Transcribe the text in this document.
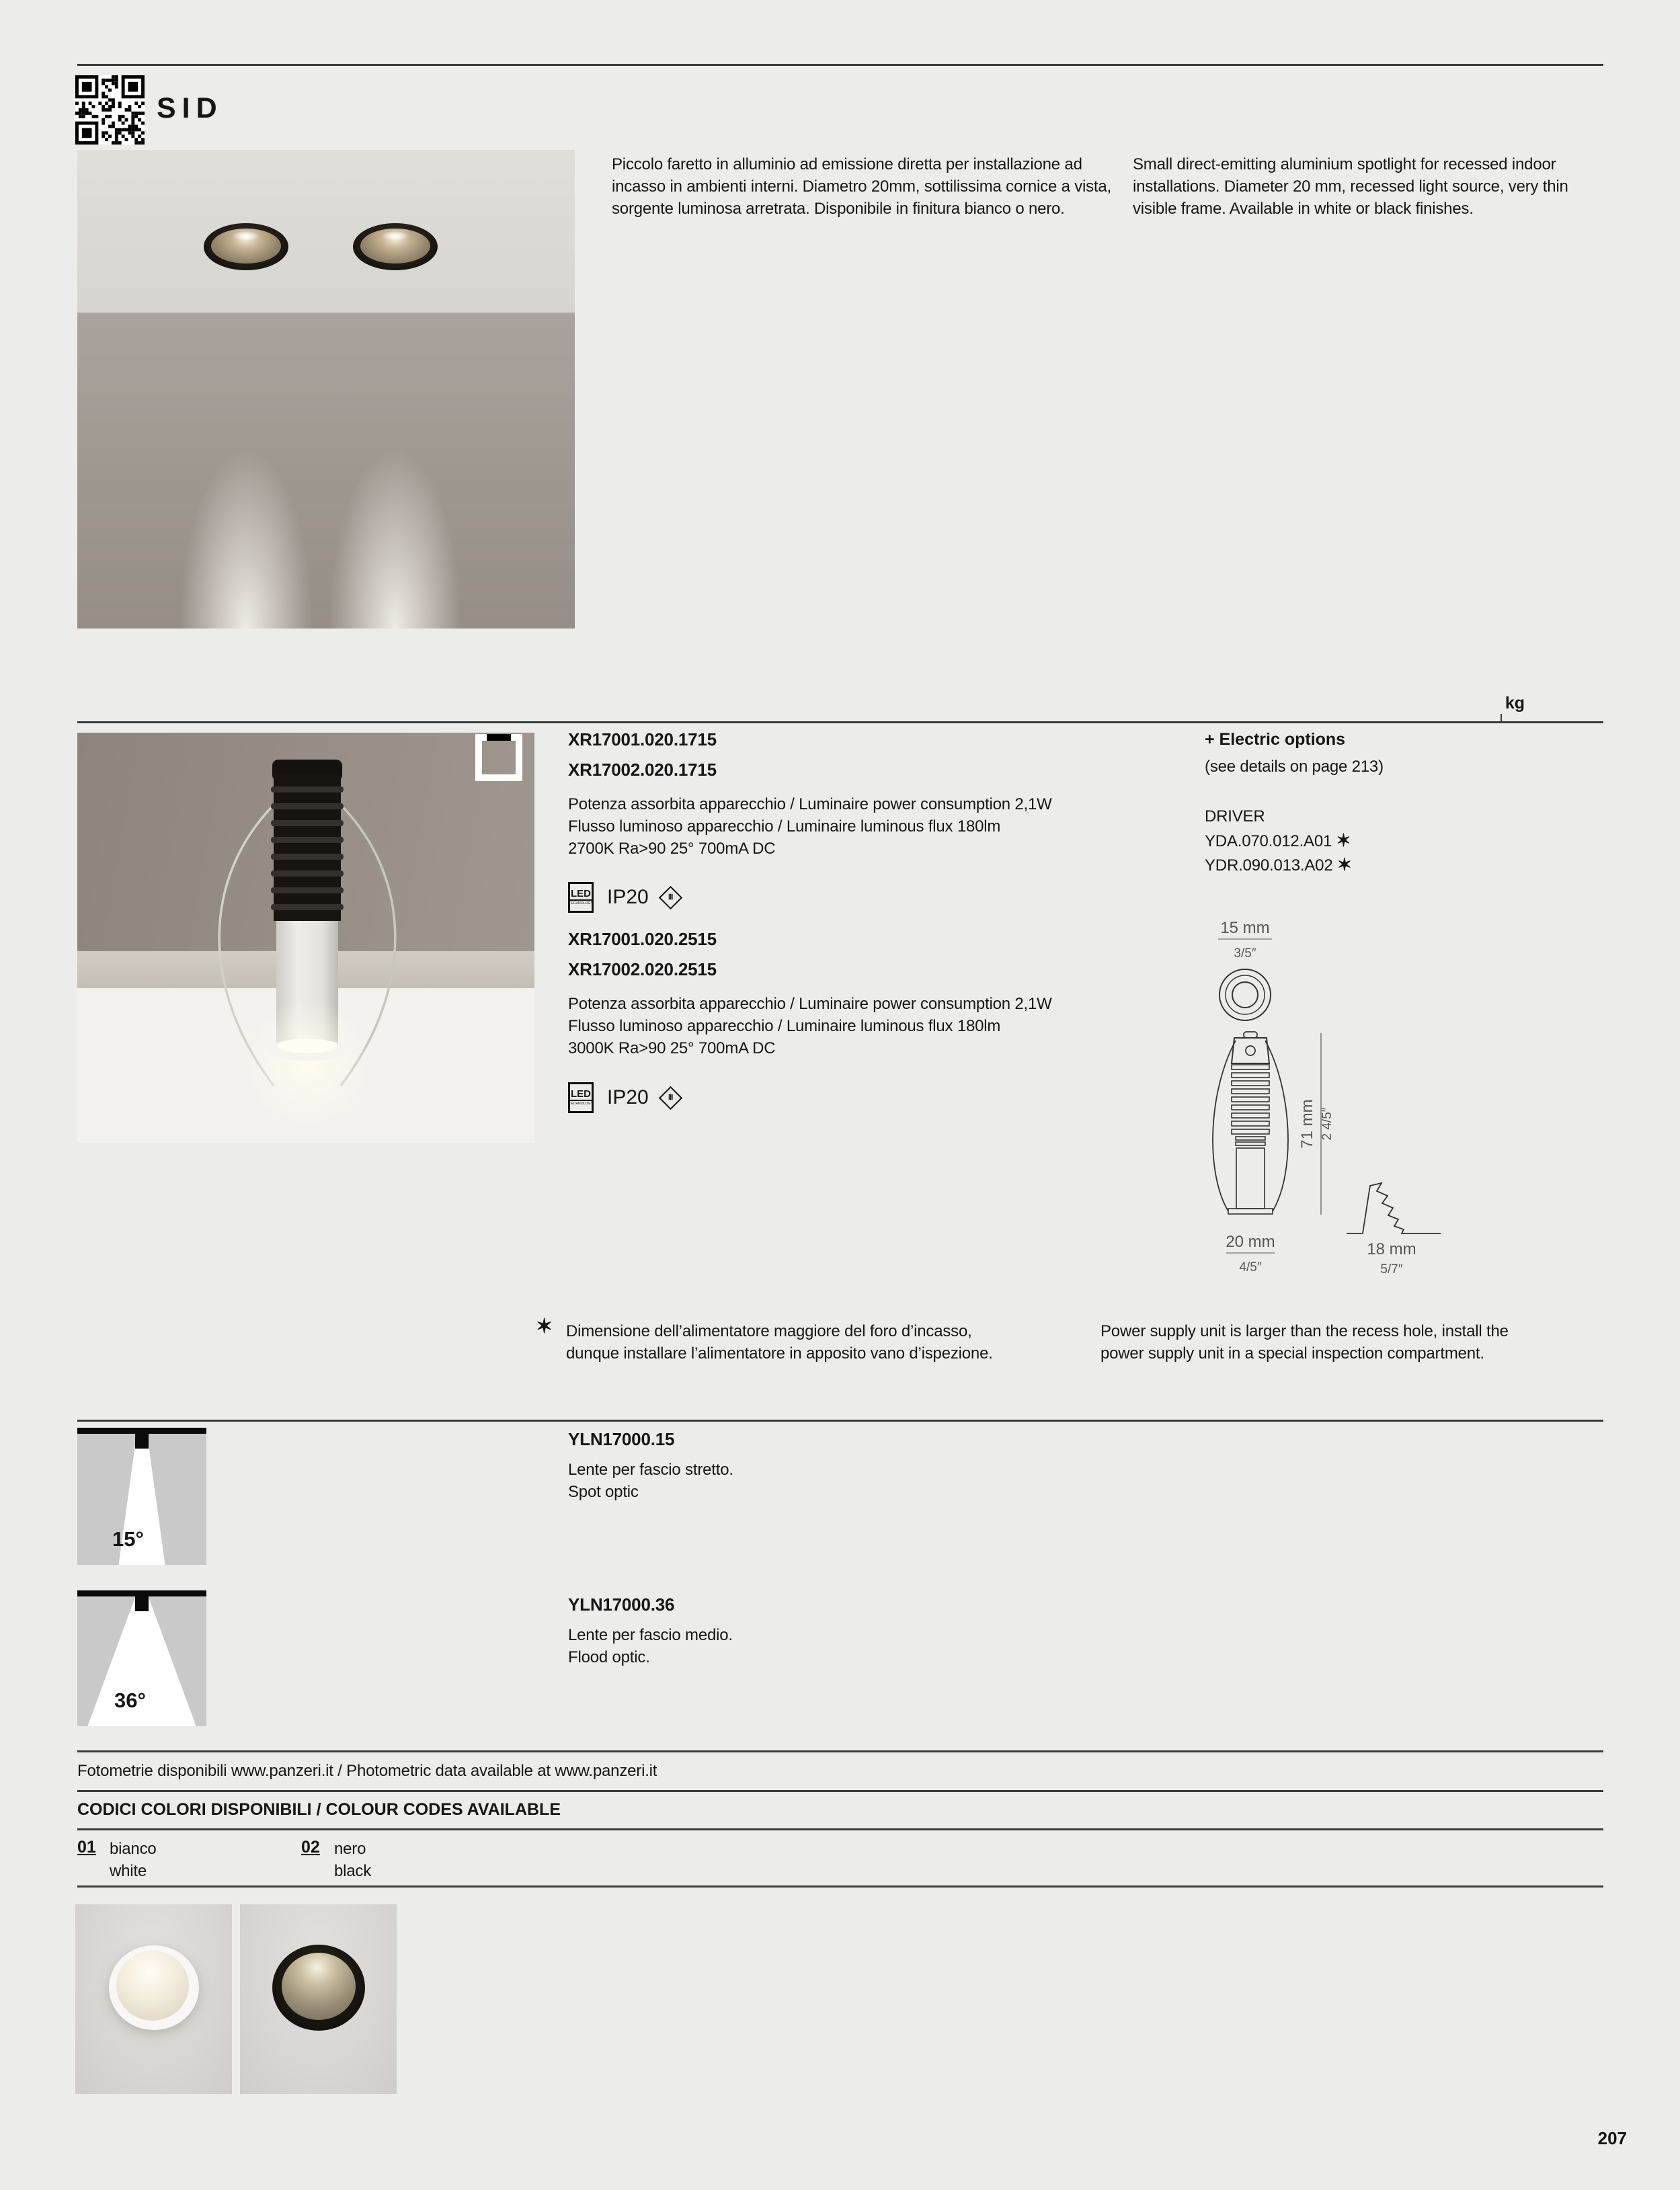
SID
Piccolo faretto in alluminio ad emissione diretta per installazione ad incasso in ambienti interni. Diametro 20mm, sottilissima cornice a vista, sorgente luminosa arretrata. Disponibile in finitura bianco o nero.
Small direct-emitting aluminium spotlight for recessed indoor installations. Diameter 20 mm, recessed light source, very thin visible frame. Available in white or black finishes.
kg
XR17001.020.1715
XR17002.020.1715
Potenza assorbita apparecchio / Luminaire power consumption 2,1W
Flusso luminoso apparecchio / Luminaire luminous flux 180lm
2700K Ra>90 25° 700mA DC
LED
TECHNOLOGY IP20	Ⅲ
XR17001.020.2515
XR17002.020.2515
Potenza assorbita apparecchio / Luminaire power consumption 2,1W
Flusso luminoso apparecchio / Luminaire luminous flux 180lm
3000K Ra>90 25° 700mA DC
LED
TECHNOLOGY IP20	Ⅲ
+ Electric options
(see details on page 213)
DRIVER
YDA.070.012.A01 ✶
YDR.090.013.A02 ✶
15 mm
3/5″
71 mm 2 4/5″
20 mm
4/5″
18 mm
5/7″
✶ Dimensione dell’alimentatore maggiore del foro d’incasso,
dunque installare l’alimentatore in apposito vano d’ispezione.
Power supply unit is larger than the recess hole, install the
power supply unit in a special inspection compartment.
15°
YLN17000.15
Lente per fascio stretto.
Spot optic
36°
YLN17000.36
Lente per fascio medio.
Flood optic.
Fotometrie disponibili www.panzeri.it / Photometric data available at www.panzeri.it
CODICI COLORI DISPONIBILI / COLOUR CODES AVAILABLE
01 bianco
white
02 nero
black
207
